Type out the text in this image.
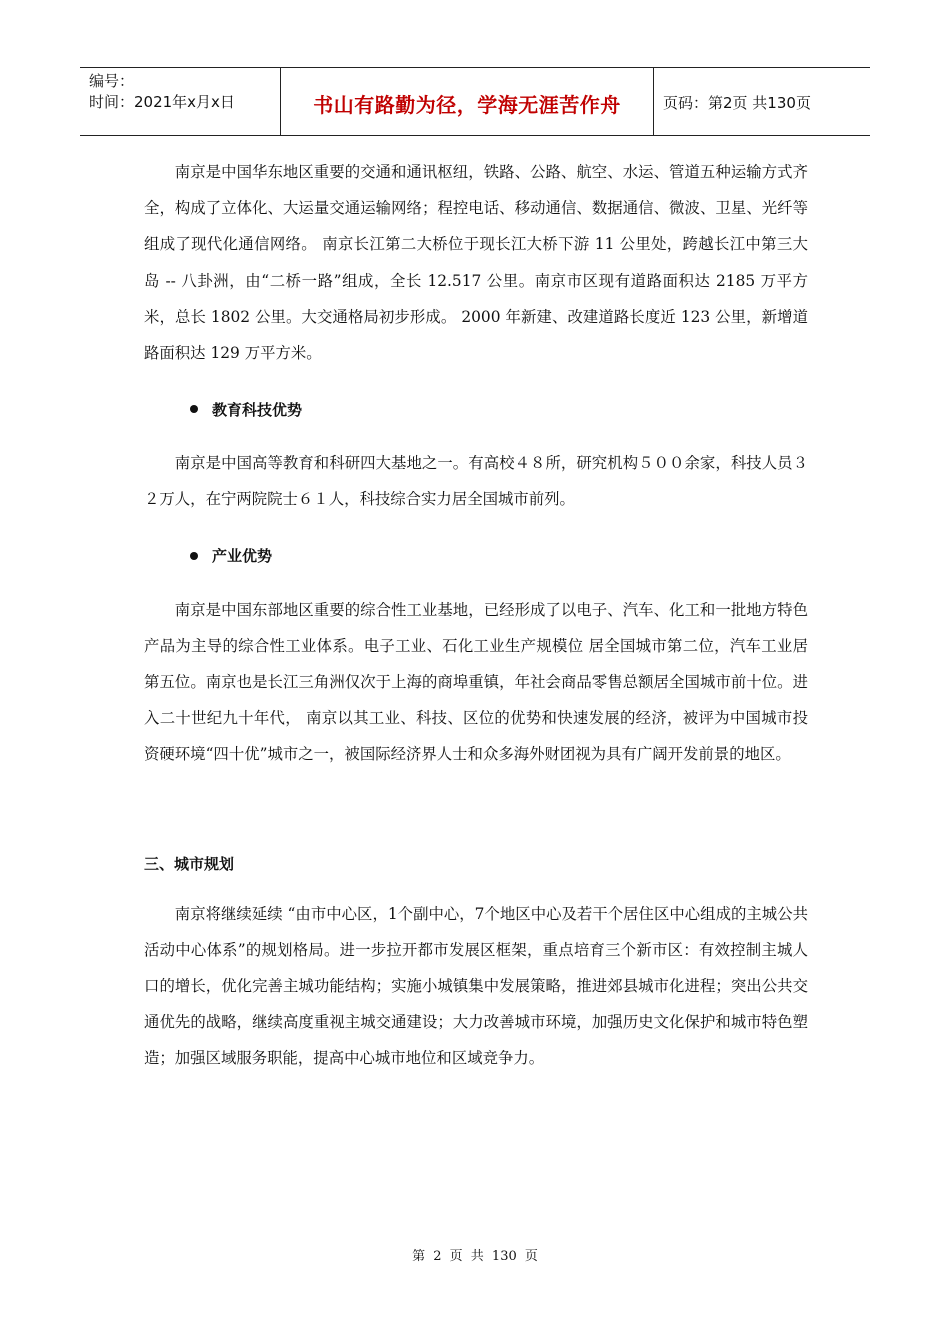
编号：
时间：2021年x月x日	书山有路勤为径，学海无涯苦作舟	页码：第2页 共130页

南京是中国华东地区重要的交通和通讯枢纽，铁路、公路、航空、水运、管道五种运输方式齐全，构成了立体化、大运量交通运输网络；程控电话、移动通信、数据通信、微波、卫星、光纤等组成了现代化通信网络。 南京长江第二大桥位于现长江大桥下游 11 公里处，跨越长江中第三大岛 -- 八卦洲，由“二桥一路”组成，全长 12.517 公里。南京市区现有道路面积达 2185 万平方米，总长 1802 公里。大交通格局初步形成。 2000 年新建、改建道路长度近 123 公里，新增道路面积达 129 万平方米。

教育科技优势

南京是中国高等教育和科研四大基地之一。有高校４８所，研究机构５００余家，科技人员３２万人，在宁两院院士６１人，科技综合实力居全国城市前列。

产业优势

南京是中国东部地区重要的综合性工业基地，已经形成了以电子、汽车、化工和一批地方特色产品为主导的综合性工业体系。电子工业、石化工业生产规模位 居全国城市第二位，汽车工业居第五位。南京也是长江三角洲仅次于上海的商埠重镇，年社会商品零售总额居全国城市前十位。进入二十世纪九十年代， 南京以其工业、科技、区位的优势和快速发展的经济，被评为中国城市投资硬环境“四十优”城市之一，被国际经济界人士和众多海外财团视为具有广阔开发前景的地区。

三、城市规划

南京将继续延续 “由市中心区，1个副中心，7个地区中心及若干个居住区中心组成的主城公共活动中心体系”的规划格局。进一步拉开都市发展区框架，重点培育三个新市区：有效控制主城人口的增长，优化完善主城功能结构；实施小城镇集中发展策略，推进郊县城市化进程；突出公共交通优先的战略，继续高度重视主城交通建设；大力改善城市环境，加强历史文化保护和城市特色塑造；加强区域服务职能，提高中心城市地位和区域竞争力。

第 2 页 共 130 页
